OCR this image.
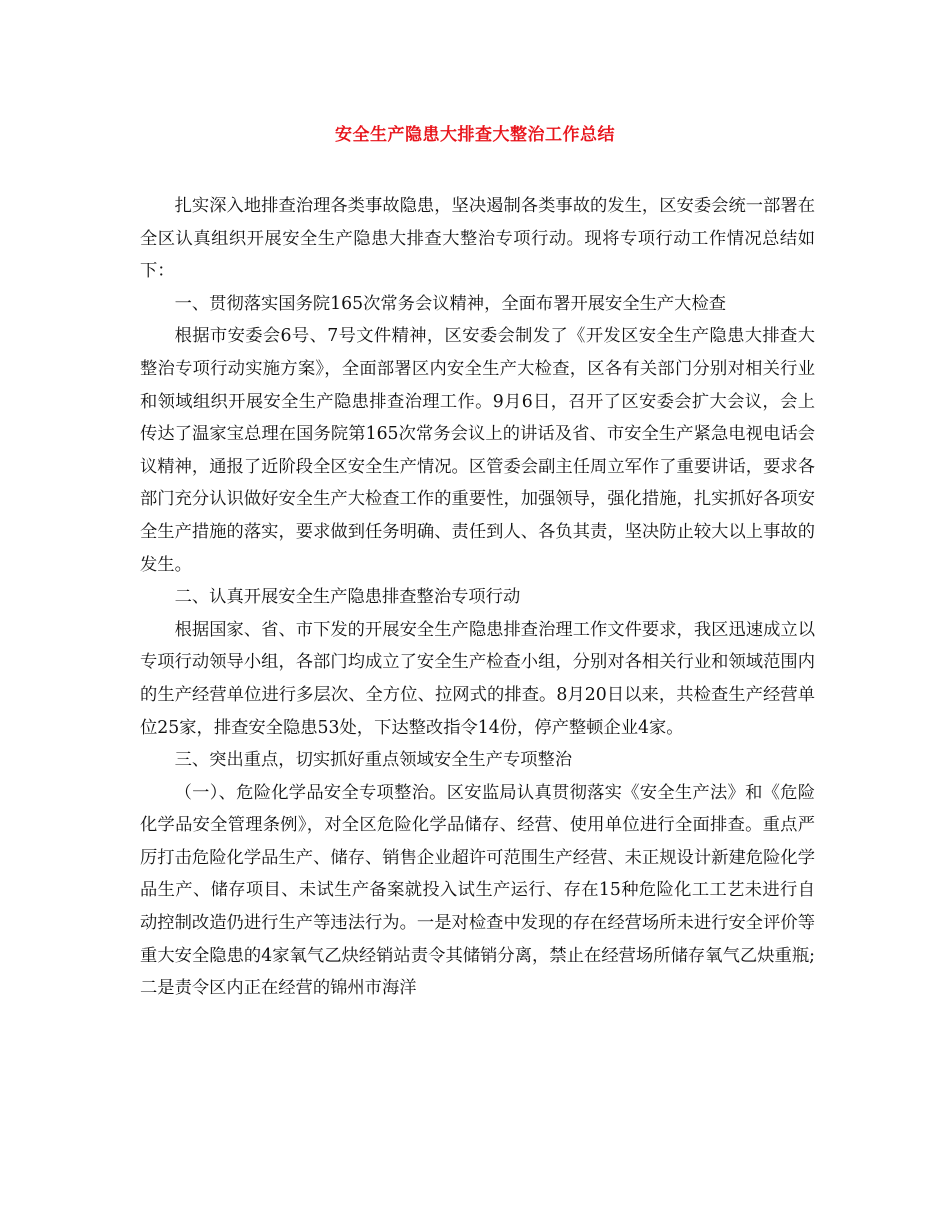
安全生产隐患大排查大整治工作总结

扎实深入地排查治理各类事故隐患，坚决遏制各类事故的发生，区安委会统一部署在全区认真组织开展安全生产隐患大排查大整治专项行动。现将专项行动工作情况总结如下：

一、贯彻落实国务院165次常务会议精神，全面布署开展安全生产大检查

根据市安委会6号、7号文件精神，区安委会制发了《开发区安全生产隐患大排查大整治专项行动实施方案》，全面部署区内安全生产大检查，区各有关部门分别对相关行业和领域组织开展安全生产隐患排查治理工作。9月6日，召开了区安委会扩大会议，会上传达了温家宝总理在国务院第165次常务会议上的讲话及省、市安全生产紧急电视电话会议精神，通报了近阶段全区安全生产情况。区管委会副主任周立军作了重要讲话，要求各部门充分认识做好安全生产大检查工作的重要性，加强领导，强化措施，扎实抓好各项安全生产措施的落实，要求做到任务明确、责任到人、各负其责，坚决防止较大以上事故的发生。

二、认真开展安全生产隐患排查整治专项行动

根据国家、省、市下发的开展安全生产隐患排查治理工作文件要求，我区迅速成立以专项行动领导小组，各部门均成立了安全生产检查小组，分别对各相关行业和领域范围内的生产经营单位进行多层次、全方位、拉网式的排查。8月20日以来，共检查生产经营单位25家，排查安全隐患53处，下达整改指令14份，停产整顿企业4家。

三、突出重点，切实抓好重点领域安全生产专项整治

（一）、危险化学品安全专项整治。区安监局认真贯彻落实《安全生产法》和《危险化学品安全管理条例》，对全区危险化学品储存、经营、使用单位进行全面排查。重点严厉打击危险化学品生产、储存、销售企业超许可范围生产经营、未正规设计新建危险化学品生产、储存项目、未试生产备案就投入试生产运行、存在15种危险化工工艺未进行自动控制改造仍进行生产等违法行为。一是对检查中发现的存在经营场所未进行安全评价等重大安全隐患的4家氧气乙炔经销站责令其储销分离，禁止在经营场所储存氧气乙炔重瓶;二是责令区内正在经营的锦州市海洋
